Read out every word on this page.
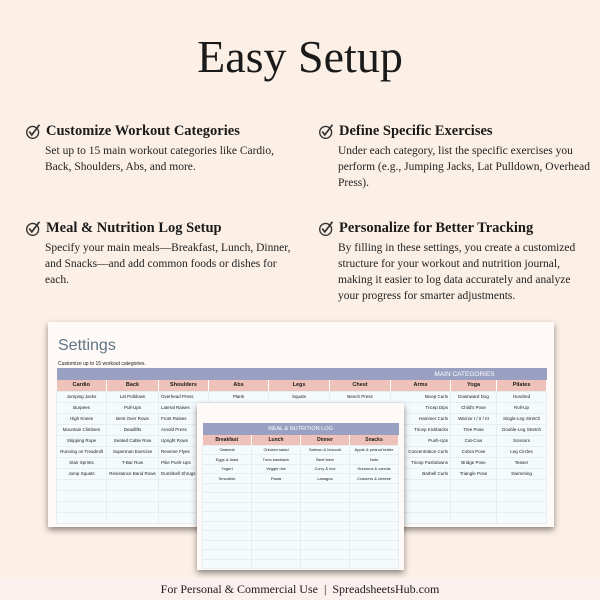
Easy Setup
Customize Workout Categories

Set up to 15 main workout categories like Cardio, Back, Shoulders, Abs, and more.

Define Specific Exercises

Under each category, list the specific exercises you perform (e.g., Jumping Jacks, Lat Pulldown, Overhead Press).

Meal & Nutrition Log Setup

Specify your main meals—Breakfast, Lunch, Dinner, and Snacks—and add common foods or dishes for each.

Personalize for Better Tracking

By filling in these settings, you create a customized structure for your workout and nutrition journal, making it easier to log data accurately and analyze your progress for smarter adjustments.

Settings
Customize up to 15 workout categories.
MAIN CATEGORIES
Cardio	Back	Shoulders	Abs	Legs	Chest	Arms	Yoga	Pilates
Jumping Jacks	Lat Pulldown	Overhead Press	Plank	Squats	Bench Press	Bicep Curls	Downward Dog	Hundred
Burpees	Pull-Ups	Lateral Raises				Tricep Dips	Child's Pose	Roll-Up
High Knees	Bent Over Rows	Front Raises				Hammer Curls	Warrior I / II / III	Single-Leg Stretch
Mountain Climbers	Deadlifts	Arnold Press				Tricep Kickbacks	Tree Pose	Double-Leg Stretch
Skipping Rope	Seated Cable Row	Upright Rows				Push-Ups	Cat-Cow	Scissors
Running on Treadmill	Superman Exercise	Reverse Flyes				Concentration Curls	Cobra Pose	Leg Circles
Stair Sprints	T-Bar Row	Pike Push-Ups				Tricep Pushdowns	Bridge Pose	Teaser
Jump Squats	Resistance Band Rows	Dumbbell Shrugs				Barbell Curls	Triangle Pose	Swimming

MEAL & NUTRITION LOG
Breakfast	Lunch	Dinner	Snacks
Oatmeal	Chicken salad	Salmon & broccoli	Apple & peanut butter
Eggs & toast	Tuna sandwich	Beef stew	Nuts
Yogurt	Veggie rice	Curry & rice	Hummus & carrots
Smoothie	Pasta	Lasagna	Crackers & cheese

For Personal & Commercial Use  |  SpreadsheetsHub.com
